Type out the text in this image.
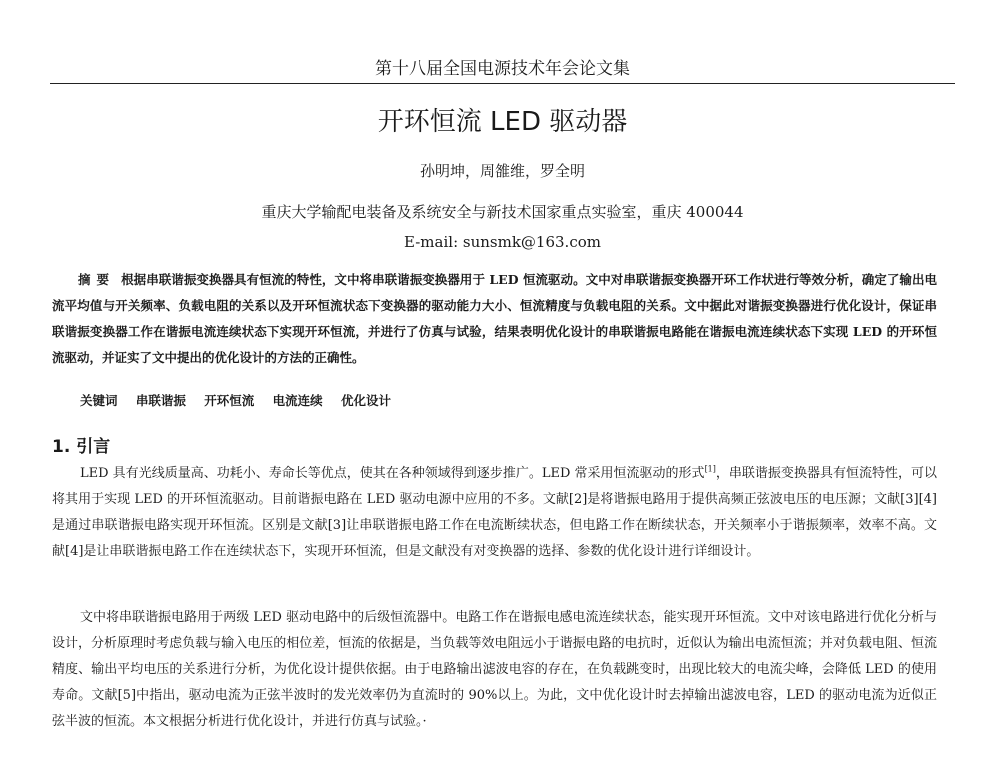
第十八届全国电源技术年会论文集
开环恒流 LED 驱动器
孙明坤，周雒维，罗全明
重庆大学输配电装备及系统安全与新技术国家重点实验室，重庆 400044
E-mail: sunsmk@163.com
摘要 根据串联谐振变换器具有恒流的特性，文中将串联谐振变换器用于 LED 恒流驱动。文中对串联谐振变换器开环工作状进行等效分析，确定了输出电流平均值与开关频率、负载电阻的关系以及开环恒流状态下变换器的驱动能力大小、恒流精度与负载电阻的关系。文中据此对谐振变换器进行优化设计，保证串联谐振变换器工作在谐振电流连续状态下实现开环恒流，并进行了仿真与试验，结果表明优化设计的串联谐振电路能在谐振电流连续状态下实现 LED 的开环恒流驱动，并证实了文中提出的优化设计的方法的正确性。
关键词 串联谐振 开环恒流 电流连续 优化设计
1. 引言
LED 具有光线质量高、功耗小、寿命长等优点，使其在各种领域得到逐步推广。LED 常采用恒流驱动的形式[1]，串联谐振变换器具有恒流特性，可以将其用于实现 LED 的开环恒流驱动。目前谐振电路在 LED 驱动电源中应用的不多。文献[2]是将谐振电路用于提供高频正弦波电压的电压源；文献[3][4]是通过串联谐振电路实现开环恒流。区别是文献[3]让串联谐振电路工作在电流断续状态，但电路工作在断续状态，开关频率小于谐振频率，效率不高。文献[4]是让串联谐振电路工作在连续状态下，实现开环恒流，但是文献没有对变换器的选择、参数的优化设计进行详细设计。
文中将串联谐振电路用于两级 LED 驱动电路中的后级恒流器中。电路工作在谐振电感电流连续状态，能实现开环恒流。文中对该电路进行优化分析与设计，分析原理时考虑负载与输入电压的相位差，恒流的依据是，当负载等效电阻远小于谐振电路的电抗时，近似认为输出电流恒流；并对负载电阻、恒流精度、输出平均电压的关系进行分析，为优化设计提供依据。由于电路输出滤波电容的存在，在负载跳变时，出现比较大的电流尖峰，会降低 LED 的使用寿命。文献[5]中指出，驱动电流为正弦半波时的发光效率仍为直流时的 90%以上。为此，文中优化设计时去掉输出滤波电容，LED 的驱动电流为近似正弦半波的恒流。本文根据分析进行优化设计，并进行仿真与试验。·
